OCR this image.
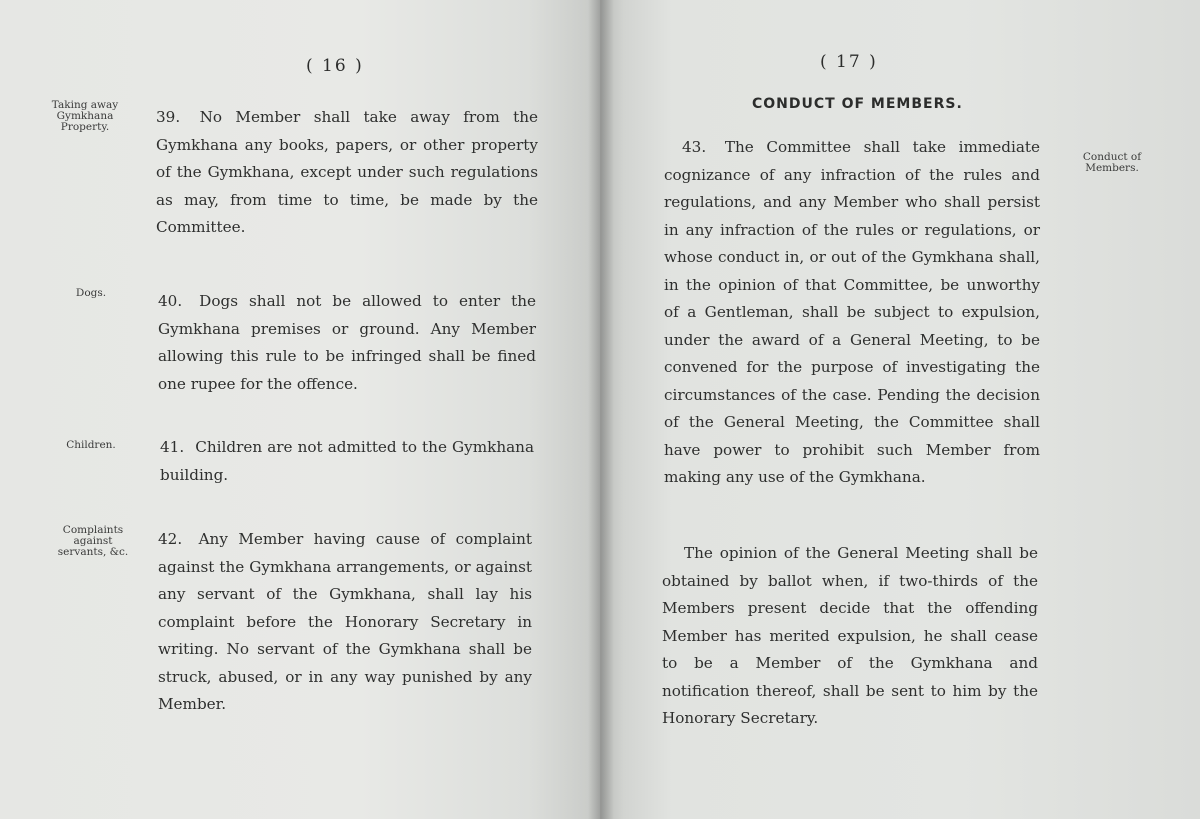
( 16 )
Taking away Gymkhana Property.
39. No Member shall take away from the Gymkhana any books, papers, or other property of the Gymkhana, except under such regulations as may, from time to time, be made by the Committee.
Dogs.	40. Dogs shall not be allowed to enter the Gymkhana premises or ground. Any Member allowing this rule to be infringed shall be fined one rupee for the offence.
Children.	41. Children are not admitted to the Gymkhana building.
Complaints against servants, &c.
42. Any Member having cause of complaint against the Gymkhana arrangements, or against any servant of the Gymkhana, shall lay his complaint before the Honorary Secretary in writing. No servant of the Gymkhana shall be struck, abused, or in any way punished by any Member.
( 17 )
CONDUCT OF MEMBERS.
Conduct of Members.
43. The Committee shall take immediate cognizance of any infraction of the rules and regulations, and any Member who shall persist in any infraction of the rules or regulations, or whose conduct in, or out of the Gymkhana shall, in the opinion of that Committee, be unworthy of a Gentleman, shall be subject to expulsion, under the award of a General Meeting, to be convened for the purpose of investigating the circumstances of the case. Pending the decision of the General Meeting, the Committee shall have power to prohibit such Member from making any use of the Gymkhana.
The opinion of the General Meeting shall be obtained by ballot when, if two-thirds of the Members present decide that the offending Member has merited expulsion, he shall cease to be a Member of the Gymkhana and notification thereof, shall be sent to him by the Honorary Secretary.
